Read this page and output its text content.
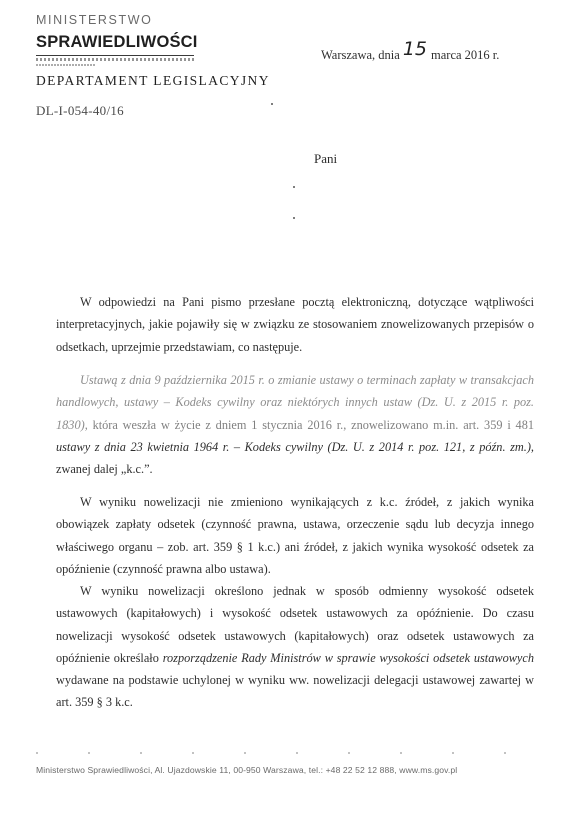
MINISTERSTWO
SPRAWIEDLIWOŚCI
DEPARTAMENT LEGISLACYJNY
DL-I-054-40/16
Warszawa, dnia 15 marca 2016 r.
Pani
W odpowiedzi na Pani pismo przesłane pocztą elektroniczną, dotyczące wątpliwości interpretacyjnych, jakie pojawiły się w związku ze stosowaniem znowelizowanych przepisów o odsetkach, uprzejmie przedstawiam, co następuje.
Ustawą z dnia 9 października 2015 r. o zmianie ustawy o terminach zapłaty w transakcjach handlowych, ustawy – Kodeks cywilny oraz niektórych innych ustaw (Dz. U. z 2015 r. poz. 1830), która weszła w życie z dniem 1 stycznia 2016 r., znowelizowano m.in. art. 359 i 481 ustawy z dnia 23 kwietnia 1964 r. – Kodeks cywilny (Dz. U. z 2014 r. poz. 121, z późn. zm.), zwanej dalej „k.c.”.
W wyniku nowelizacji nie zmieniono wynikających z k.c. źródeł, z jakich wynika obowiązek zapłaty odsetek (czynność prawna, ustawa, orzeczenie sądu lub decyzja innego właściwego organu – zob. art. 359 § 1 k.c.) ani źródeł, z jakich wynika wysokość odsetek za opóźnienie (czynność prawna albo ustawa).
W wyniku nowelizacji określono jednak w sposób odmienny wysokość odsetek ustawowych (kapitałowych) i wysokość odsetek ustawowych za opóźnienie. Do czasu nowelizacji wysokość odsetek ustawowych (kapitałowych) oraz odsetek ustawowych za opóźnienie określało rozporządzenie Rady Ministrów w sprawie wysokości odsetek ustawowych wydawane na podstawie uchylonej w wyniku ww. nowelizacji delegacji ustawowej zawartej w art. 359 § 3 k.c.
Ministerstwo Sprawiedliwości, Al. Ujazdowskie 11, 00-950 Warszawa, tel.: +48 22 52 12 888, www.ms.gov.pl
